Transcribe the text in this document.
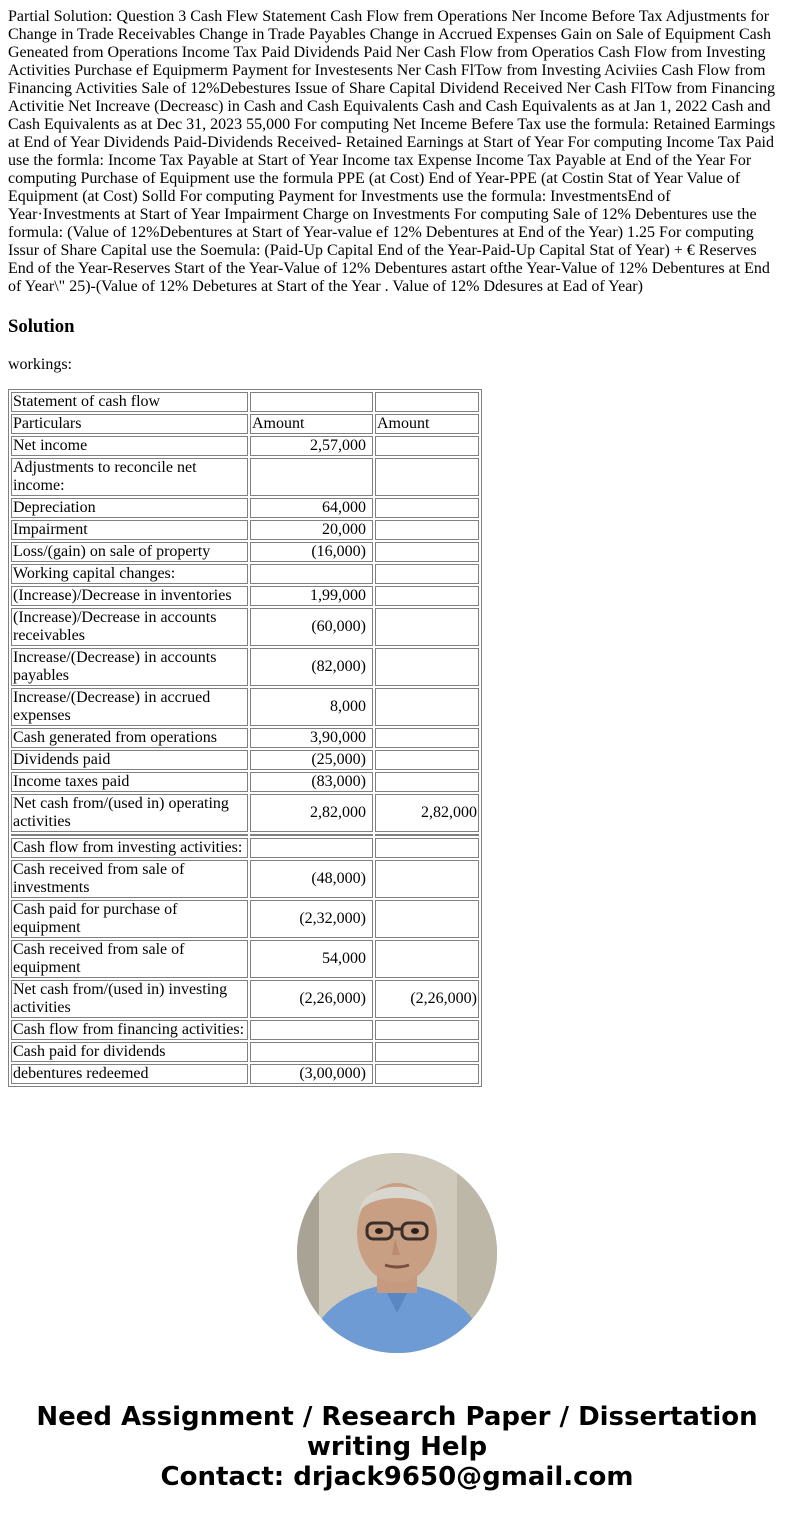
Partial Solution: Question 3 Cash Flew Statement Cash Flow frem Operations Ner Income Before Tax Adjustments for Change in Trade Receivables Change in Trade Payables Change in Accrued Expenses Gain on Sale of Equipment Cash Geneated from Operations Income Tax Paid Dividends Paid Ner Cash Flow from Operatios Cash Flow from Investing Activities Purchase ef Equipmerm Payment for Investesents Ner Cash FlTow from Investing Aciviies Cash Flow from Financing Activities Sale of 12%Debestures Issue of Share Capital Dividend Received Ner Cash FlTow from Financing Activitie Net Increave (Decreasc) in Cash and Cash Equivalents Cash and Cash Equivalents as at Jan 1, 2022 Cash and Cash Equivalents as at Dec 31, 2023 55,000 For computing Net Inceme Befere Tax use the formula: Retained Earmings at End of Year Dividends Paid-Dividends Received- Retained Earnings at Start of Year For computing Income Tax Paid use the formla: Income Tax Payable at Start of Year Income tax Expense Income Tax Payable at End of the Year For computing Purchase of Equipment use the formula PPE (at Cost) End of Year-PPE (at Costin Stat of Year Value of Equipment (at Cost) Solld For computing Payment for Investments use the formula: InvestmentsEnd of Year·Investments at Start of Year Impairment Charge on Investments For computing Sale of 12% Debentures use the formula: (Value of 12%Debentures at Start of Year-value ef 12% Debentures at End of the Year) 1.25 For computing Issur of Share Capital use the Soemula: (Paid-Up Capital End of the Year-Paid-Up Capital Stat of Year) + € Reserves End of the Year-Reserves Start of the Year-Value of 12% Debentures astart ofthe Year-Value of 12% Debentures at End of Year\" 25)-(Value of 12% Debetures at Start of the Year . Value of 12% Ddesures at Ead of Year)

Solution

workings:

Statement of cash flow		
Particulars	Amount	Amount
Net income	2,57,000	
Adjustments to reconcile net income:		
Depreciation	64,000	
Impairment	20,000	
Loss/(gain) on sale of property	(16,000)	
Working capital changes:		
(Increase)/Decrease in inventories	1,99,000	
(Increase)/Decrease in accounts receivables	(60,000)	
Increase/(Decrease) in accounts payables	(82,000)	
Increase/(Decrease) in accrued expenses	8,000	
Cash generated from operations	3,90,000	
Dividends paid	(25,000)	
Income taxes paid	(83,000)	
Net cash from/(used in) operating activities	2,82,000	2,82,000

Cash flow from investing activities:		
Cash received from sale of investments	(48,000)	
Cash paid for purchase of equipment	(2,32,000)	
Cash received from sale of equipment	54,000	
Net cash from/(used in) investing activities	(2,26,000)	(2,26,000)
Cash flow from financing activities:		
Cash paid for dividends		
debentures redeemed	(3,00,000)	
Need Assignment / Research Paper / Dissertation
writing Help
Contact: drjack9650@gmail.com
